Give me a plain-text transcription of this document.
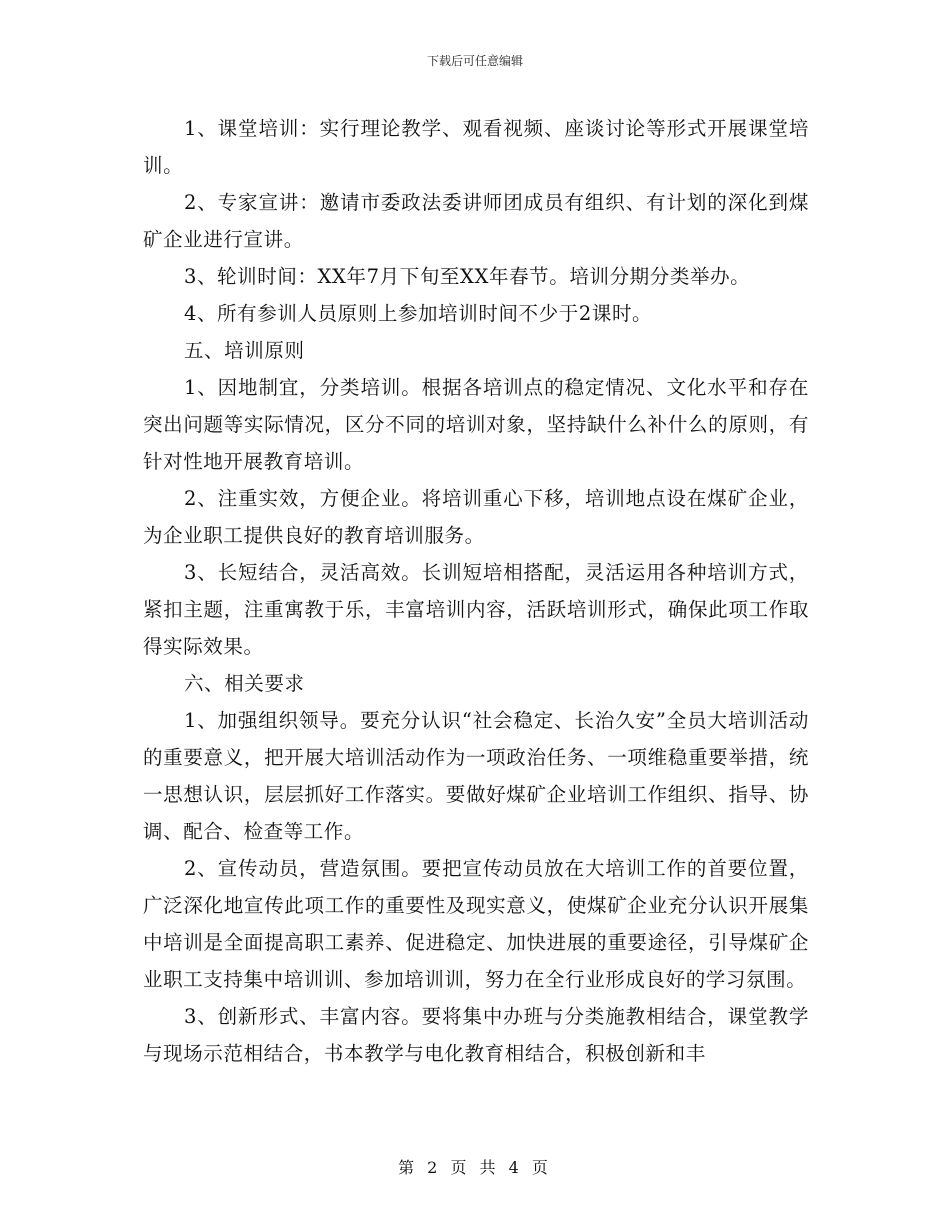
下载后可任意编辑

1、课堂培训：实行理论教学、观看视频、座谈讨论等形式开展课堂培训。

2、专家宣讲：邀请市委政法委讲师团成员有组织、有计划的深化到煤矿企业进行宣讲。

3、轮训时间：XX年7月下旬至XX年春节。培训分期分类举办。

4、所有参训人员原则上参加培训时间不少于2课时。

五、培训原则

1、因地制宜，分类培训。根据各培训点的稳定情况、文化水平和存在突出问题等实际情况，区分不同的培训对象，坚持缺什么补什么的原则，有针对性地开展教育培训。

2、注重实效，方便企业。将培训重心下移，培训地点设在煤矿企业，为企业职工提供良好的教育培训服务。

3、长短结合，灵活高效。长训短培相搭配，灵活运用各种培训方式，紧扣主题，注重寓教于乐，丰富培训内容，活跃培训形式，确保此项工作取得实际效果。

六、相关要求

1、加强组织领导。要充分认识“社会稳定、长治久安”全员大培训活动的重要意义，把开展大培训活动作为一项政治任务、一项维稳重要举措，统一思想认识，层层抓好工作落实。要做好煤矿企业培训工作组织、指导、协调、配合、检查等工作。

2、宣传动员，营造氛围。要把宣传动员放在大培训工作的首要位置，广泛深化地宣传此项工作的重要性及现实意义，使煤矿企业充分认识开展集中培训是全面提高职工素养、促进稳定、加快进展的重要途径，引导煤矿企业职工支持集中培训训、参加培训训，努力在全行业形成良好的学习氛围。

3、创新形式、丰富内容。要将集中办班与分类施教相结合，课堂教学与现场示范相结合，书本教学与电化教育相结合，积极创新和丰

第 2 页 共 4 页
